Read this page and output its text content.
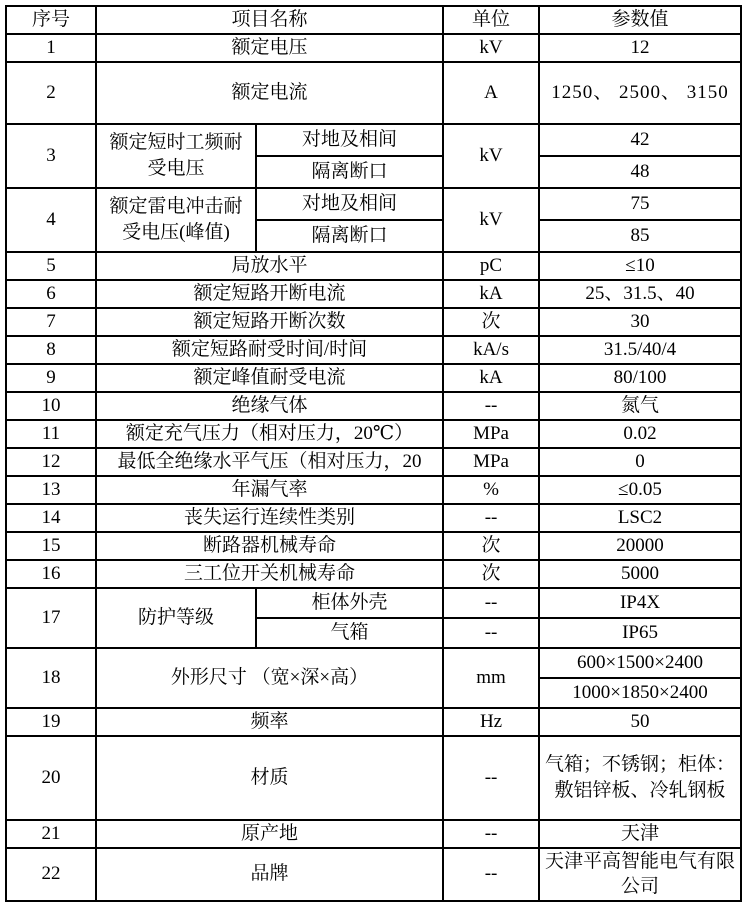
序号	项目名称		单位	参数值
1	额定电压		kV	12
2	额定电流		A	1250、 2500、 3150
3	额定短时工频耐受电压	对地及相间	kV	42
		隔离断口		48
4	额定雷电冲击耐受电压(峰值)	对地及相间	kV	75
		隔离断口		85
5	局放水平		pC	≤10
6	额定短路开断电流		kA	25、31.5、40
7	额定短路开断次数		次	30
8	额定短路耐受时间/时间		kA/s	31.5/40/4
9	额定峰值耐受电流		kA	80/100
10	绝缘气体		--	氮气
11	额定充气压力（相对压力，20℃）		MPa	0.02
12	最低全绝缘水平气压（相对压力，20		MPa	0
13	年漏气率		%	≤0.05
14	丧失运行连续性类别		--	LSC2
15	断路器机械寿命		次	20000
16	三工位开关机械寿命		次	5000
17	防护等级	柜体外壳	--	IP4X
		气箱	--	IP65
18	外形尺寸 （宽×深×高）		mm	600×1500×2400
				1000×1850×2400
19	频率		Hz	50
20	材质		--	气箱；不锈钢；柜体：敷铝锌板、冷轧钢板
21	原产地		--	天津
22	品牌		--	天津平高智能电气有限公司
